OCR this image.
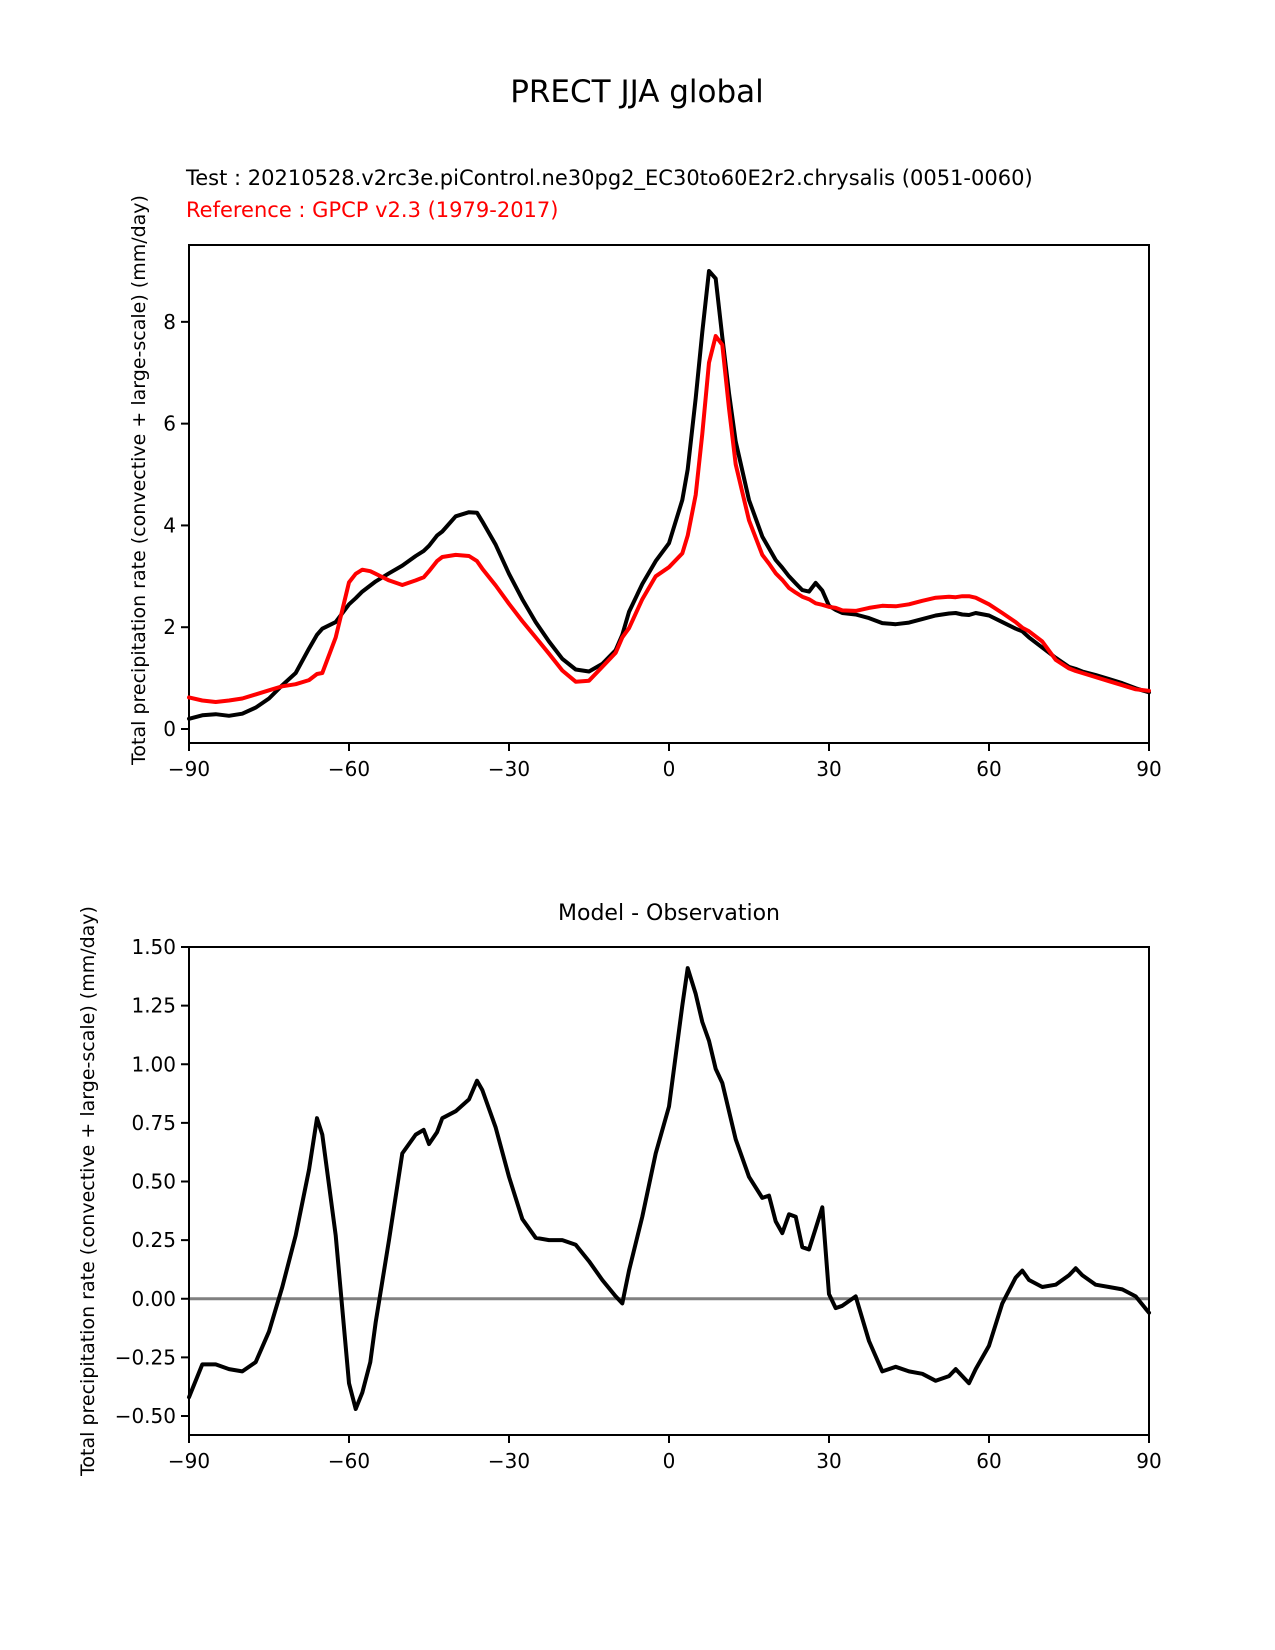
PRECT JJA global
Test : 20210528.v2rc3e.piControl.ne30pg2_EC30to60E2r2.chrysalis (0051-0060)
Reference : GPCP v2.3 (1979-2017)
Total precipitation rate (convective + large-scale) (mm/day)
Total precipitation rate (convective + large-scale) (mm/day)	Model - Observation
−90	−60	−30	0	30	60	90
0
2
4
6
8
−90	−60	−30	0	30	60	90
−0.50
−0.25
0.00
0.25
0.50
0.75
1.00
1.25
1.50
